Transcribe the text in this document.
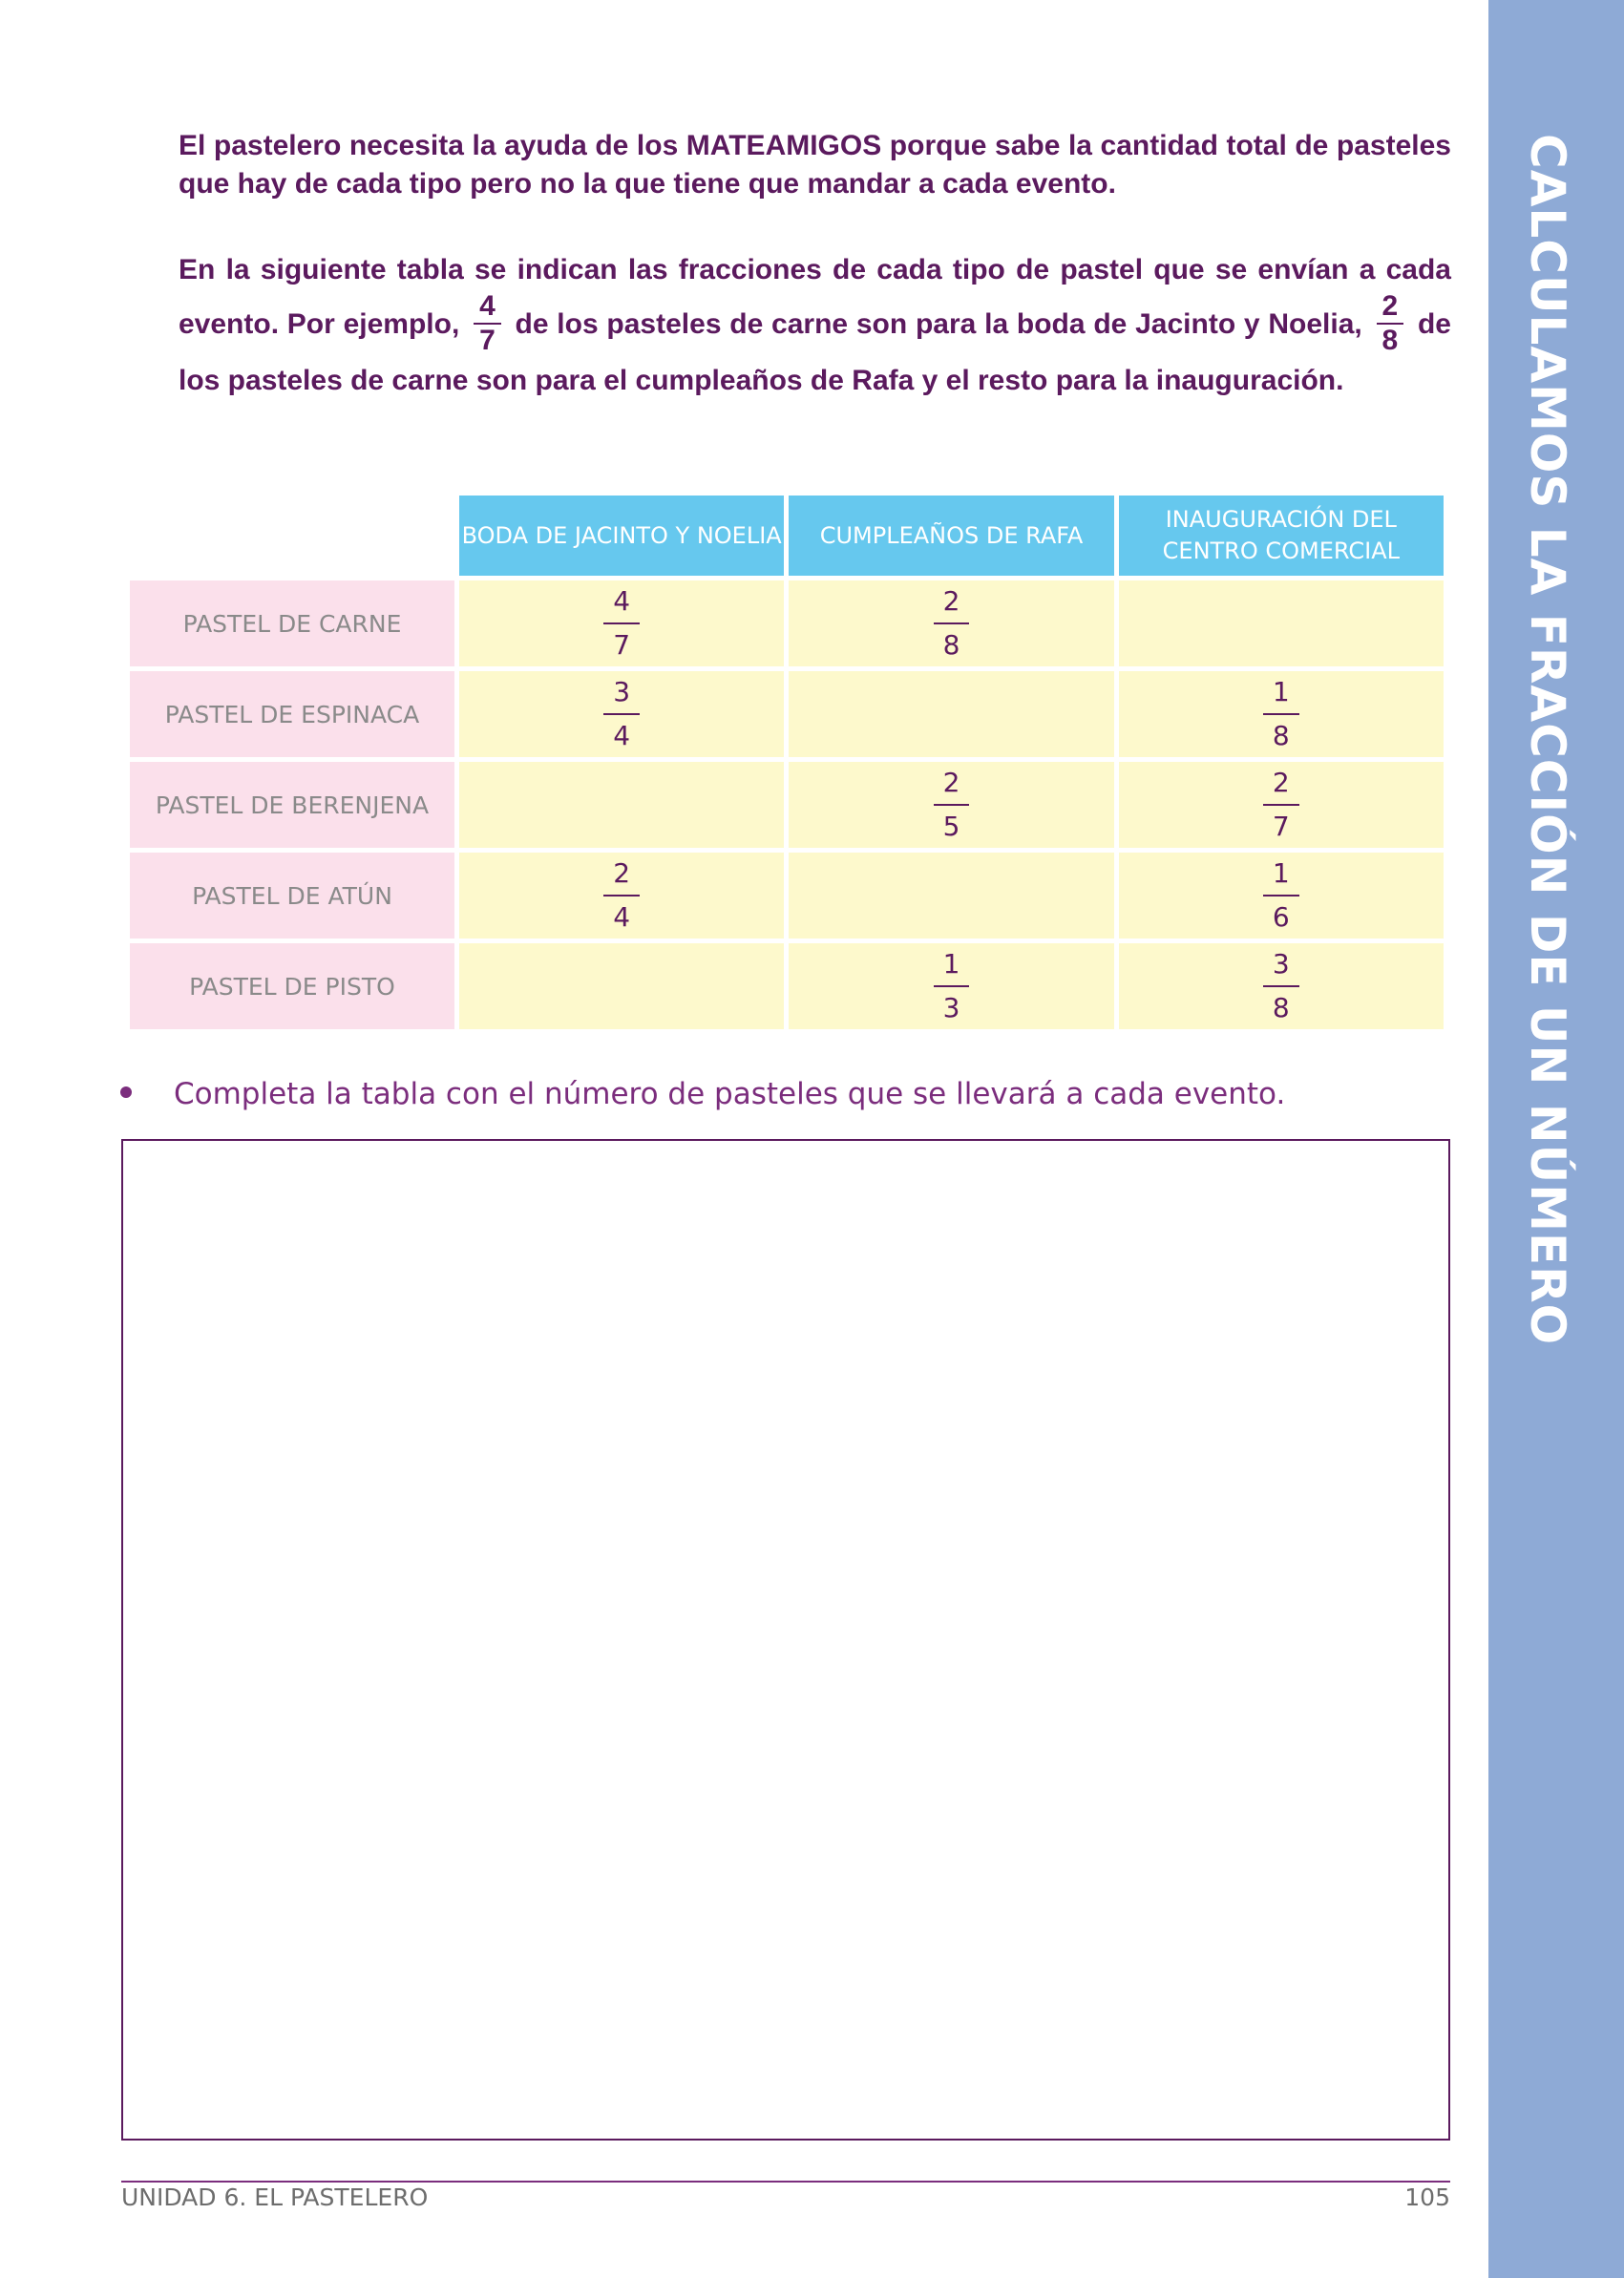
CALCULAMOS LA FRACCIÓN DE UN NÚMERO

El pastelero necesita la ayuda de los MATEAMIGOS porque sabe la cantidad total de pasteles que hay de cada tipo pero no la que tiene que mandar a cada evento.

En la siguiente tabla se indican las fracciones de cada tipo de pastel que se envían a cada evento. Por ejemplo, $\frac{4}{7}$ de los pasteles de carne son para la boda de Jacinto y Noelia, $\frac{2}{8}$ de los pasteles de carne son para el cumpleaños de Rafa y el resto para la inauguración.

	BODA DE JACINTO Y NOELIA	CUMPLEAÑOS DE RAFA	INAUGURACIÓN DEL CENTRO COMERCIAL
PASTEL DE CARNE	$\frac{4}{7}$	$\frac{2}{8}$

PASTEL DE ESPINACA	$\frac{3}{4}$		$\frac{1}{8}$

PASTEL DE BERENJENA		$\frac{2}{5}$	$\frac{2}{7}$

PASTEL DE ATÚN	$\frac{2}{4}$		$\frac{1}{6}$

PASTEL DE PISTO		$\frac{1}{3}$	$\frac{3}{8}$
Completa la tabla con el número de pasteles que se llevará a cada evento.
UNIDAD 6. EL PASTELERO	105
